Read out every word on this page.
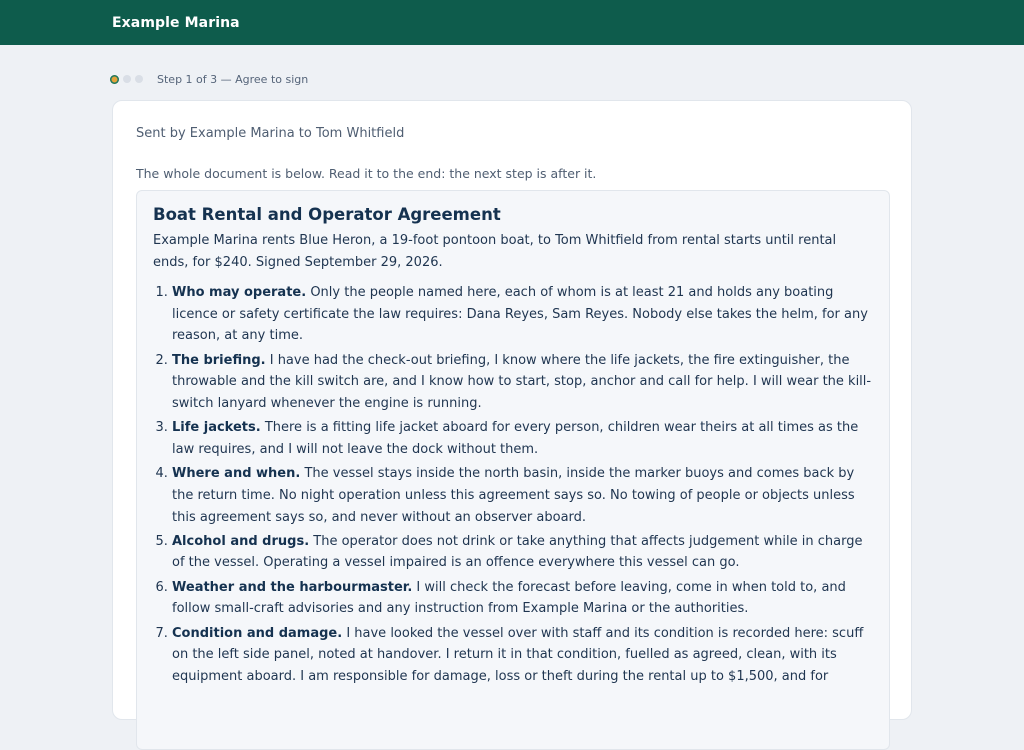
Example Marina
Step 1 of 3 — Agree to sign

Sent by Example Marina to Tom Whitfield

The whole document is below. Read it to the end: the next step is after it.

Boat Rental and Operator Agreement

Example Marina rents Blue Heron, a 19-foot pontoon boat, to Tom Whitfield from rental starts until rental ends, for $240. Signed September 29, 2026.

1. Who may operate. Only the people named here, each of whom is at least 21 and holds any boating licence or safety certificate the law requires: Dana Reyes, Sam Reyes. Nobody else takes the helm, for any reason, at any time.
2. The briefing. I have had the check-out briefing, I know where the life jackets, the fire extinguisher, the throwable and the kill switch are, and I know how to start, stop, anchor and call for help. I will wear the kill-switch lanyard whenever the engine is running.
3. Life jackets. There is a fitting life jacket aboard for every person, children wear theirs at all times as the law requires, and I will not leave the dock without them.
4. Where and when. The vessel stays inside the north basin, inside the marker buoys and comes back by the return time. No night operation unless this agreement says so. No towing of people or objects unless this agreement says so, and never without an observer aboard.
5. Alcohol and drugs. The operator does not drink or take anything that affects judgement while in charge of the vessel. Operating a vessel impaired is an offence everywhere this vessel can go.
6. Weather and the harbourmaster. I will check the forecast before leaving, come in when told to, and follow small-craft advisories and any instruction from Example Marina or the authorities.
7. Condition and damage. I have looked the vessel over with staff and its condition is recorded here: scuff on the left side panel, noted at handover. I return it in that condition, fuelled as agreed, clean, with its equipment aboard. I am responsible for damage, loss or theft during the rental up to $1,500, and for
